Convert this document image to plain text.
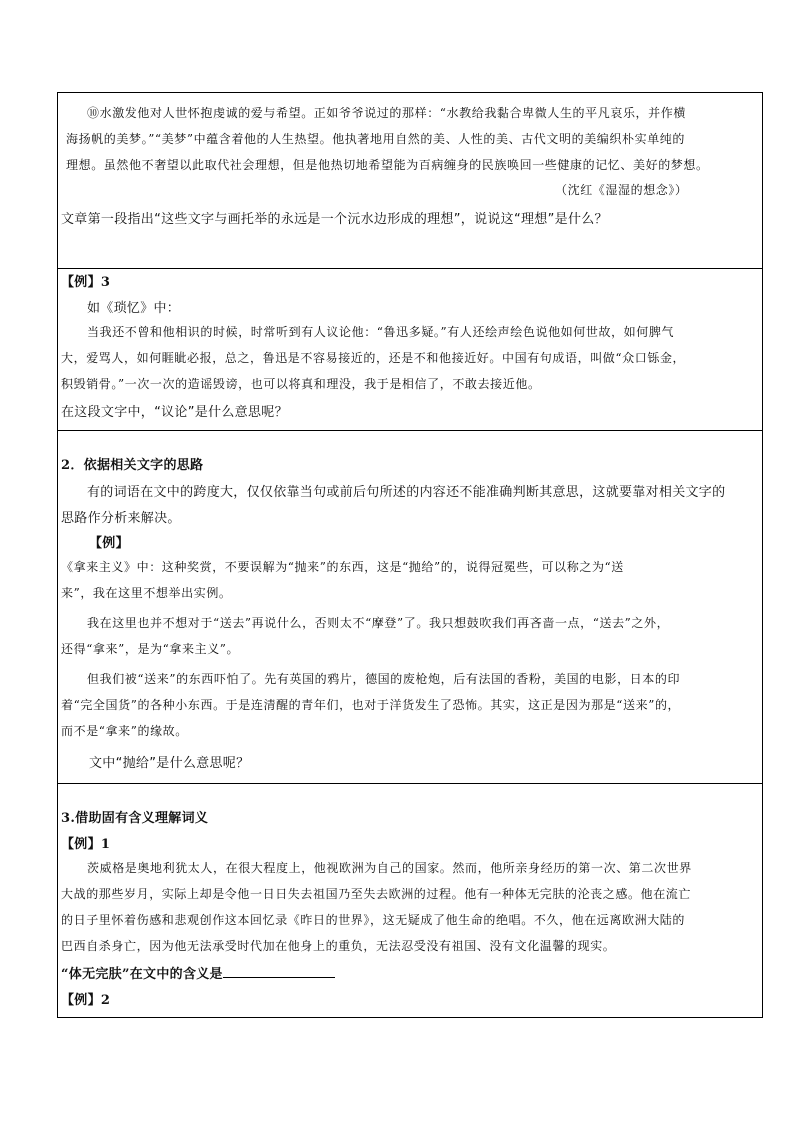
⑩水激发他对人世怀抱虔诚的爱与希望。正如爷爷说过的那样：“水教给我黏合卑微人生的平凡哀乐，并作横

海扬帆的美梦。”“美梦”中蕴含着他的人生热望。他执著地用自然的美、人性的美、古代文明的美编织朴实单纯的

理想。虽然他不奢望以此取代社会理想，但是他热切地希望能为百病缠身的民族唤回一些健康的记忆、美好的梦想。

（沈红《湿湿的想念》）

文章第一段指出“这些文字与画托举的永远是一个沅水边形成的理想”，说说这“理想”是什么？

【例】3

如《琐忆》中：

当我还不曾和他相识的时候，时常听到有人议论他：“鲁迅多疑。”有人还绘声绘色说他如何世故，如何脾气

大，爱骂人，如何睚眦必报，总之，鲁迅是不容易接近的，还是不和他接近好。中国有句成语，叫做“众口铄金，

积毁销骨。”一次一次的造谣毁谤，也可以将真和理没，我于是相信了，不敢去接近他。

在这段文字中，“议论”是什么意思呢？

2．依据相关文字的思路

有的词语在文中的跨度大，仅仅依靠当句或前后句所述的内容还不能准确判断其意思，这就要靠对相关文字的

思路作分析来解决。

【例】

《拿来主义》中：这种奖赏，不要误解为“抛来”的东西，这是“抛给”的，说得冠冕些，可以称之为“送

来”，我在这里不想举出实例。

我在这里也并不想对于“送去”再说什么，否则太不“摩登”了。我只想鼓吹我们再吝啬一点，“送去”之外，

还得“拿来”，是为“拿来主义”。

但我们被“送来”的东西吓怕了。先有英国的鸦片，德国的废枪炮，后有法国的香粉，美国的电影，日本的印

着“完全国货”的各种小东西。于是连清醒的青年们，也对于洋货发生了恐怖。其实，这正是因为那是“送来”的，

而不是“拿来”的缘故。

文中“抛给”是什么意思呢？

3.借助固有含义理解词义

【例】1

茨威格是奥地利犹太人，在很大程度上，他视欧洲为自己的国家。然而，他所亲身经历的第一次、第二次世界

大战的那些岁月，实际上却是令他一日日失去祖国乃至失去欧洲的过程。他有一种体无完肤的沦丧之感。他在流亡

的日子里怀着伤感和悲观创作这本回忆录《昨日的世界》，这无疑成了他生命的绝唱。不久，他在远离欧洲大陆的

巴西自杀身亡，因为他无法承受时代加在他身上的重负，无法忍受没有祖国、没有文化温馨的现实。

“体无完肤”在文中的含义是

【例】2
